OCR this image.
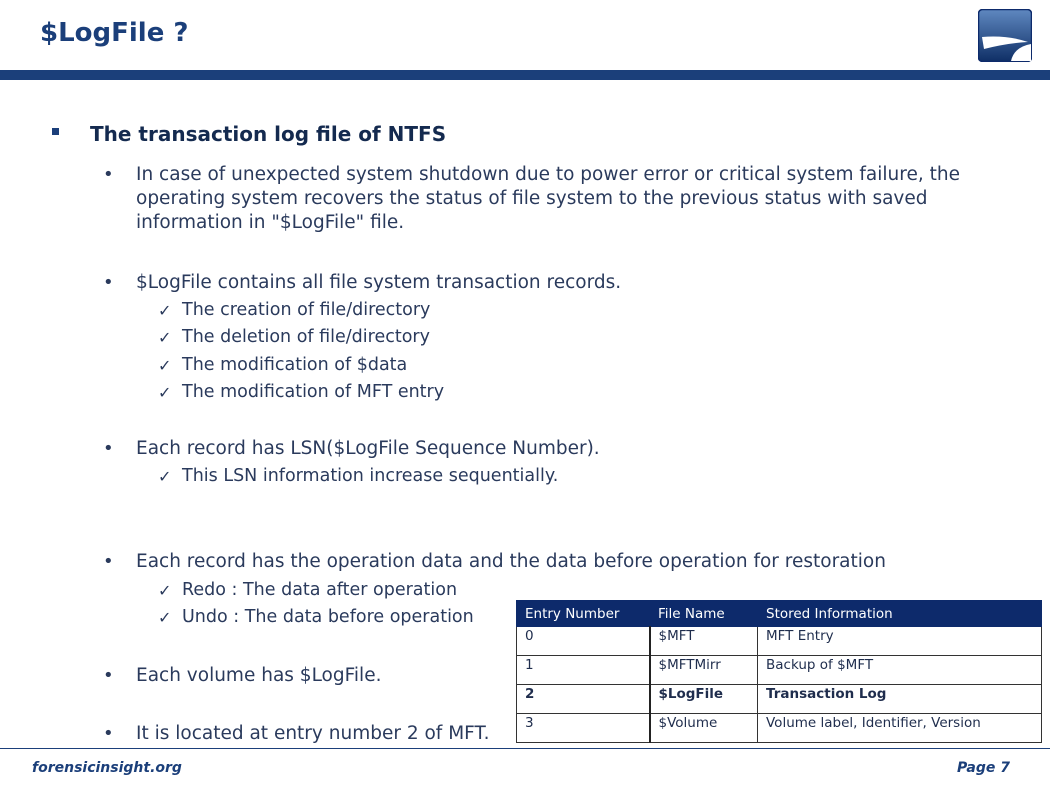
$LogFile ?
The transaction log file of NTFS
• In case of unexpected system shutdown due to power error or critical system failure, the operating system recovers the status of file system to the previous status with saved information in "$LogFile" file.

• $LogFile contains all file system transaction records.

✓ The creation of file/directory
✓ The deletion of file/directory
✓ The modification of $data
✓ The modification of MFT entry
• Each record has LSN($LogFile Sequence Number).

✓ This LSN information increase sequentially.
• Each record has the operation data and the data before operation for restoration

✓ Redo : The data after operation
✓ Undo : The data before operation
• Each volume has $LogFile.

• It is located at entry number 2 of MFT.

Entry Number	File Name	Stored Information
0	$MFT	MFT Entry
1	$MFTMirr	Backup of $MFT
2	$LogFile	Transaction Log
3	$Volume	Volume label, Identifier, Version
forensicinsight.org	Page 7
